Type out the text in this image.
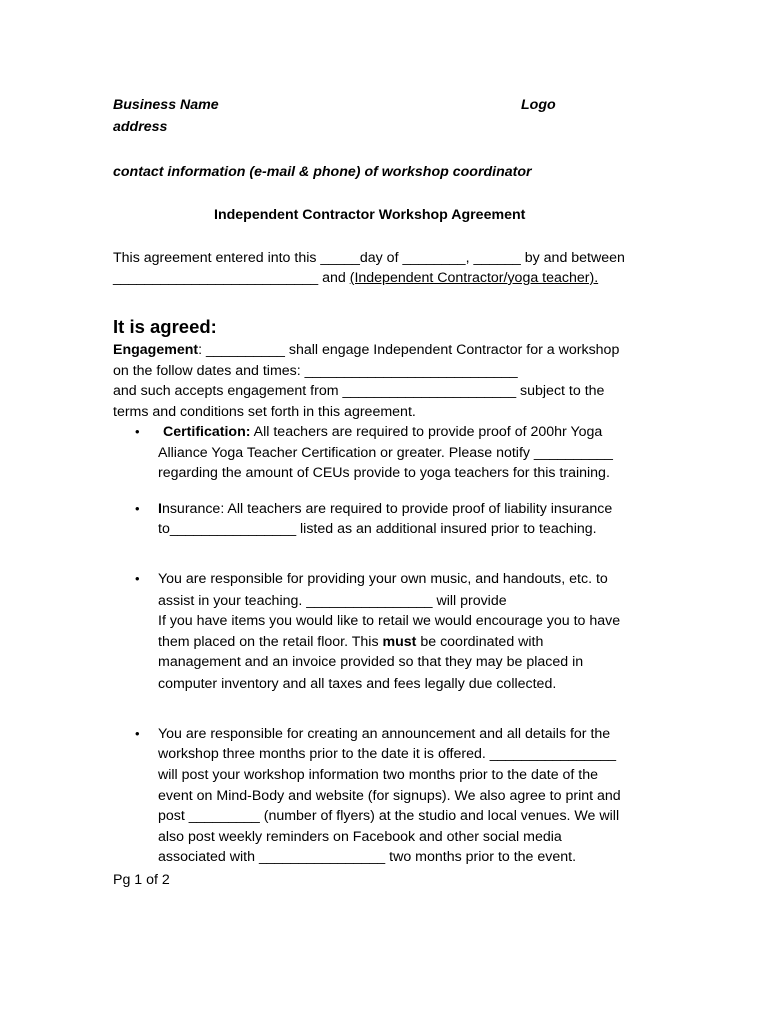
Business Name	Logo
address
contact information (e-mail & phone) of workshop coordinator
Independent Contractor Workshop Agreement
This agreement entered into this _____day of ________, ______ by and between
__________________________ and (Independent Contractor/yoga teacher).
It is agreed:
Engagement: __________ shall engage Independent Contractor for a workshop
on the follow dates and times: ___________________________
and such accepts engagement from ______________________ subject to the
terms and conditions set forth in this agreement.
• Certification: All teachers are required to provide proof of 200hr Yoga
Alliance Yoga Teacher Certification or greater. Please notify __________
regarding the amount of CEUs provide to yoga teachers for this training.
• Insurance: All teachers are required to provide proof of liability insurance
to________________ listed as an additional insured prior to teaching.
• You are responsible for providing your own music, and handouts, etc. to
assist in your teaching. ________________ will provide
If you have items you would like to retail we would encourage you to have
them placed on the retail floor. This must be coordinated with
management and an invoice provided so that they may be placed in
computer inventory and all taxes and fees legally due collected.
• You are responsible for creating an announcement and all details for the
workshop three months prior to the date it is offered. ________________
will post your workshop information two months prior to the date of the
event on Mind-Body and website (for signups). We also agree to print and
post _________ (number of flyers) at the studio and local venues. We will
also post weekly reminders on Facebook and other social media
associated with ________________ two months prior to the event.
Pg 1 of 2
